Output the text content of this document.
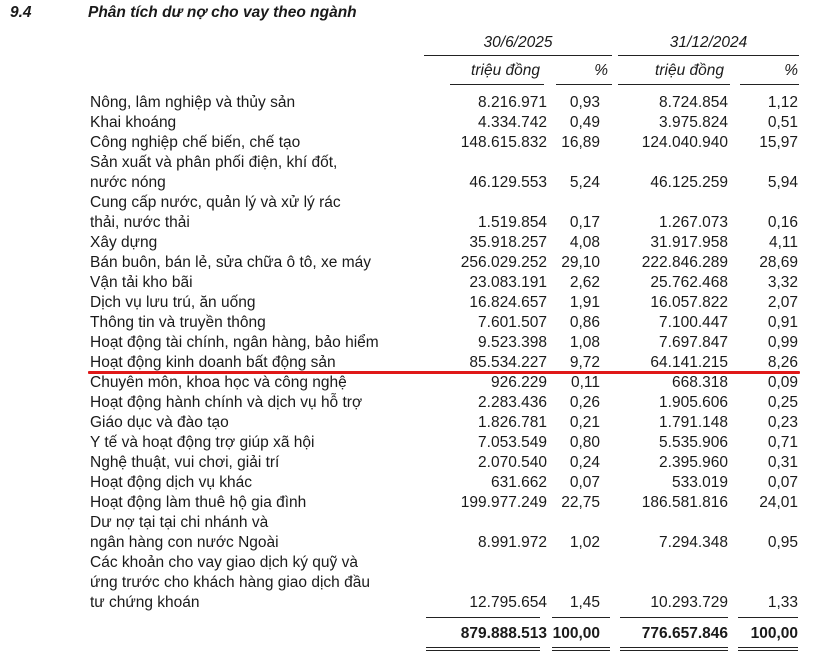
9.4	Phân tích dư nợ cho vay theo ngành
30/6/2025	31/12/2024
triệu đồng	%	triệu đồng	%
Nông, lâm nghiệp và thủy sản	8.216.971 0,93	8.724.854	1,12
Khai khoáng	4.334.742 0,49	3.975.824	0,51
Công nghiệp chế biến, chế tạo	148.615.832 16,89	124.040.940 15,97
Sản xuất và phân phối điện, khí đốt,
nước nóng	46.129.553 5,24	46.125.259	5,94
Cung cấp nước, quản lý và xử lý rác
thải, nước thải	1.519.854 0,17	1.267.073	0,16
Xây dựng	35.918.257 4,08	31.917.958	4,11
Bán buôn, bán lẻ, sửa chữa ô tô, xe máy	256.029.252 29,10	222.846.289 28,69
Vận tải kho bãi	23.083.191 2,62	25.762.468	3,32
Dịch vụ lưu trú, ăn uống	16.824.657 1,91	16.057.822	2,07
Thông tin và truyền thông	7.601.507 0,86	7.100.447	0,91
Hoạt động tài chính, ngân hàng, bảo hiểm	9.523.398 1,08	7.697.847	0,99
Hoạt động kinh doanh bất động sản	85.534.227 9,72	64.141.215	8,26
Chuyên môn, khoa học và công nghệ	926.229 0,11	668.318	0,09
Hoạt động hành chính và dịch vụ hỗ trợ	2.283.436 0,26	1.905.606	0,25
Giáo dục và đào tạo	1.826.781 0,21	1.791.148	0,23
Y tế và hoạt động trợ giúp xã hội	7.053.549 0,80	5.535.906	0,71
Nghệ thuật, vui chơi, giải trí	2.070.540 0,24	2.395.960	0,31
Hoạt động dịch vụ khác	631.662 0,07	533.019	0,07
Hoạt động làm thuê hộ gia đình	199.977.249 22,75	186.581.816 24,01
Dư nợ tại tại chi nhánh và
ngân hàng con nước Ngoài	8.991.972 1,02	7.294.348	0,95
Các khoản cho vay giao dịch ký quỹ và
ứng trước cho khách hàng giao dịch đầu
tư chứng khoán	12.795.654 1,45	10.293.729	1,33
879.888.513 100,00	776.657.846 100,00
